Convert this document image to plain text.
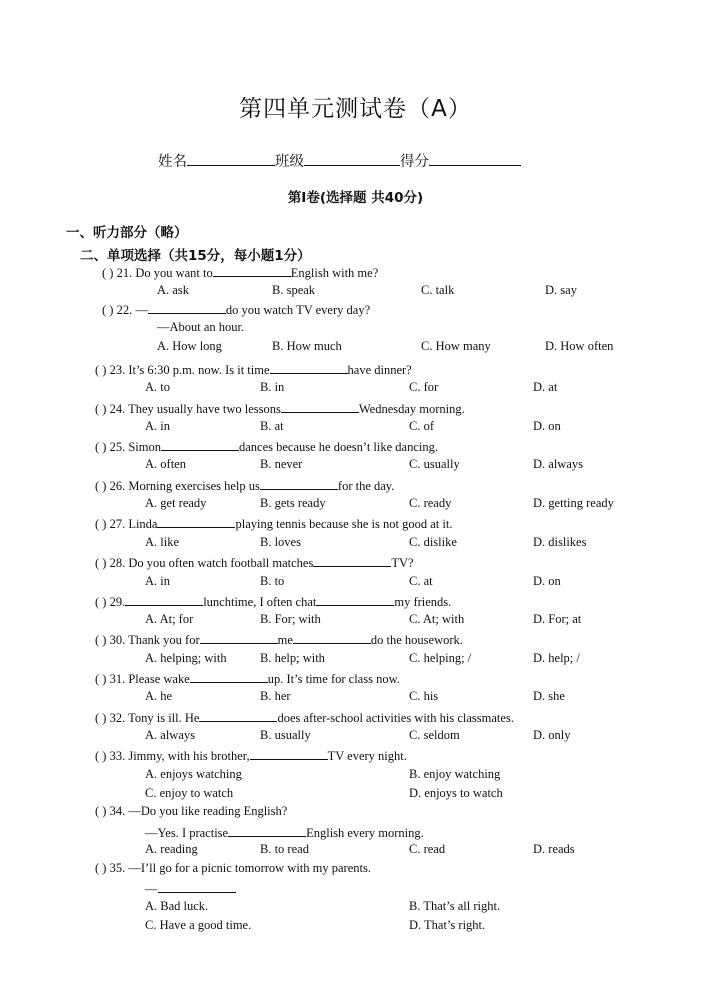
第四单元测试卷（A）
姓名	班级	得分
第Ⅰ卷(选择题 共40分)
一、听力部分（略）
二、单项选择（共15分，每小题1分）
( ) 21. Do you want to	English with me?
A. ask	B. speak	C. talk	D. say
( ) 22. —	do you watch TV every day?
—About an hour.
A. How long	B. How much	C. How many	D. How often
( ) 23. It’s 6:30 p.m. now. Is it time	have dinner?
A. to	B. in	C. for	D. at
( ) 24. They usually have two lessons	Wednesday morning.
A. in	B. at	C. of	D. on
( ) 25. Simon	dances because he doesn’t like dancing.
A. often	B. never	C. usually	D. always
( ) 26. Morning exercises help us	for the day.
A. get ready	B. gets ready	C. ready	D. getting ready
( ) 27. Linda	playing tennis because she is not good at it.
A. like	B. loves	C. dislike	D. dislikes
( ) 28. Do you often watch football matches	TV?
A. in	B. to	C. at	D. on
( ) 29.	lunchtime, I often chat	my friends.
A. At; for	B. For; with	C. At; with	D. For; at
( ) 30. Thank you for	me	do the housework.
A. helping; with	B. help; with	C. helping; /	D. help; /
( ) 31. Please wake	up. It’s time for class now.
A. he	B. her	C. his	D. she
( ) 32. Tony is ill. He	does after-school activities with his classmates.
A. always	B. usually	C. seldom	D. only
( ) 33. Jimmy, with his brother,	TV every night.
A. enjoys watching	B. enjoy watching
C. enjoy to watch	D. enjoys to watch
( ) 34. —Do you like reading English?
—Yes. I practise	English every morning.
A. reading	B. to read	C. read	D. reads
( ) 35. —I’ll go for a picnic tomorrow with my parents.
—
A. Bad luck.	B. That’s all right.
C. Have a good time.	D. That’s right.
